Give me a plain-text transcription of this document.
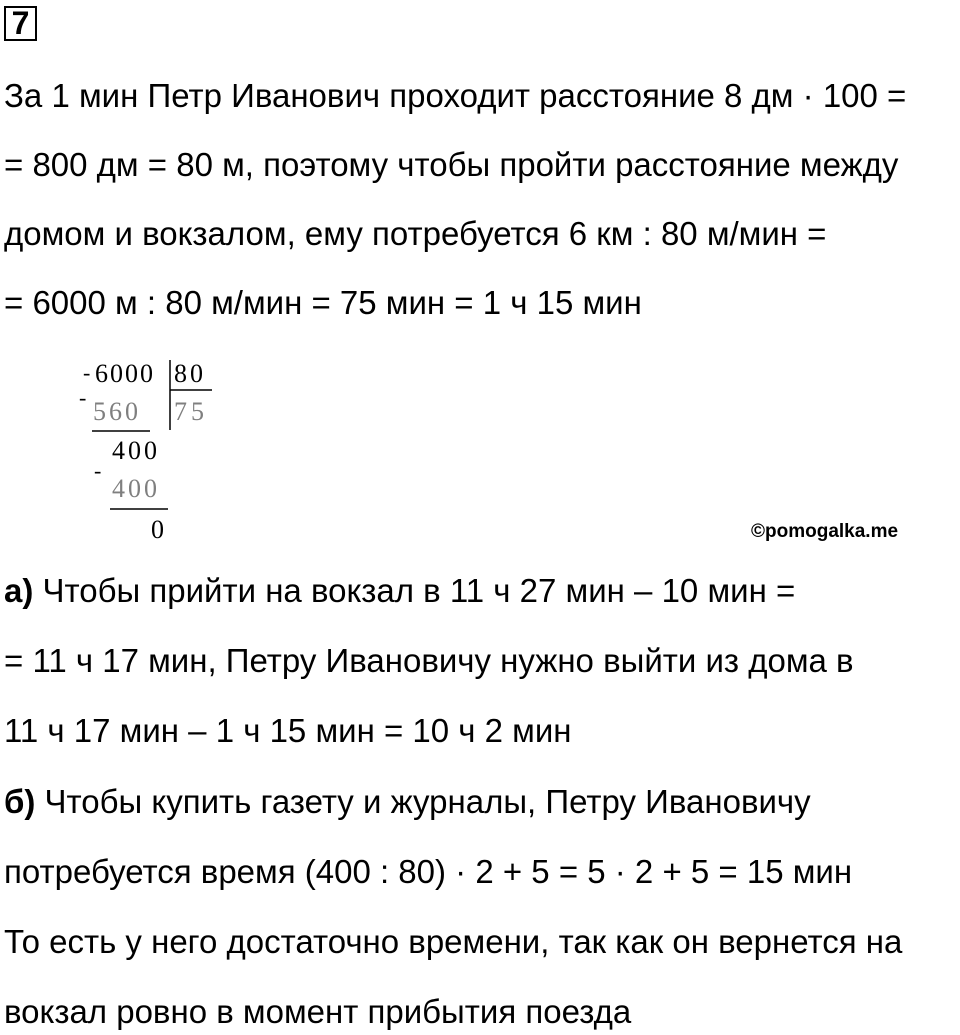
7
За 1 мин Петр Иванович проходит расстояние 8 дм · 100 =
= 800 дм = 80 м, поэтому чтобы пройти расстояние между
домом и вокзалом, ему потребуется 6 км : 80 м/мин =
= 6000 м : 80 м/мин = 75 мин = 1 ч 15 мин
-
-
-
6000 80
560 75
400
400
0	©pomogalka.me
а) Чтобы прийти на вокзал в 11 ч 27 мин – 10 мин =
= 11 ч 17 мин, Петру Ивановичу нужно выйти из дома в
11 ч 17 мин – 1 ч 15 мин = 10 ч 2 мин
б) Чтобы купить газету и журналы, Петру Ивановичу
потребуется время (400 : 80) · 2 + 5 = 5 · 2 + 5 = 15 мин
То есть у него достаточно времени, так как он вернется на
вокзал ровно в момент прибытия поезда
